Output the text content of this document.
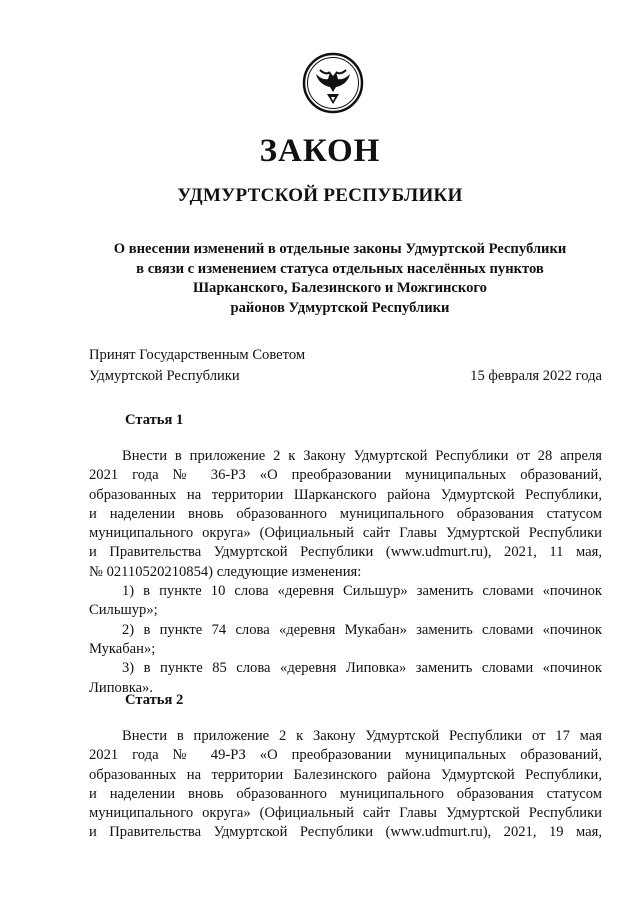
ЗАКОН
УДМУРТСКОЙ РЕСПУБЛИКИ
О внесении изменений в отдельные законы Удмуртской Республики
в связи с изменением статуса отдельных населённых пунктов
Шарканского, Балезинского и Можгинского
районов Удмуртской Республики
Принят Государственным Советом
Удмуртской Республики	15 февраля 2022 года
Статья 1
Внести в приложение 2 к Закону Удмуртской Республики от 28 апреля
2021 года № 36-РЗ «О преобразовании муниципальных образований,
образованных на территории Шарканского района Удмуртской Республики,
и наделении вновь образованного муниципального образования статусом
муниципального округа» (Официальный сайт Главы Удмуртской Республики
и Правительства Удмуртской Республики (www.udmurt.ru), 2021, 11 мая,
№ 02110520210854) следующие изменения:
1) в пункте 10 слова «деревня Сильшур» заменить словами «починок
Сильшур»;
2) в пункте 74 слова «деревня Мукабан» заменить словами «починок
Мукабан»;
3) в пункте 85 слова «деревня Липовка» заменить словами «починок
Липовка».
Статья 2
Внести в приложение 2 к Закону Удмуртской Республики от 17 мая
2021 года № 49-РЗ «О преобразовании муниципальных образований,
образованных на территории Балезинского района Удмуртской Республики,
и наделении вновь образованного муниципального образования статусом
муниципального округа» (Официальный сайт Главы Удмуртской Республики
и Правительства Удмуртской Республики (www.udmurt.ru), 2021, 19 мая,
